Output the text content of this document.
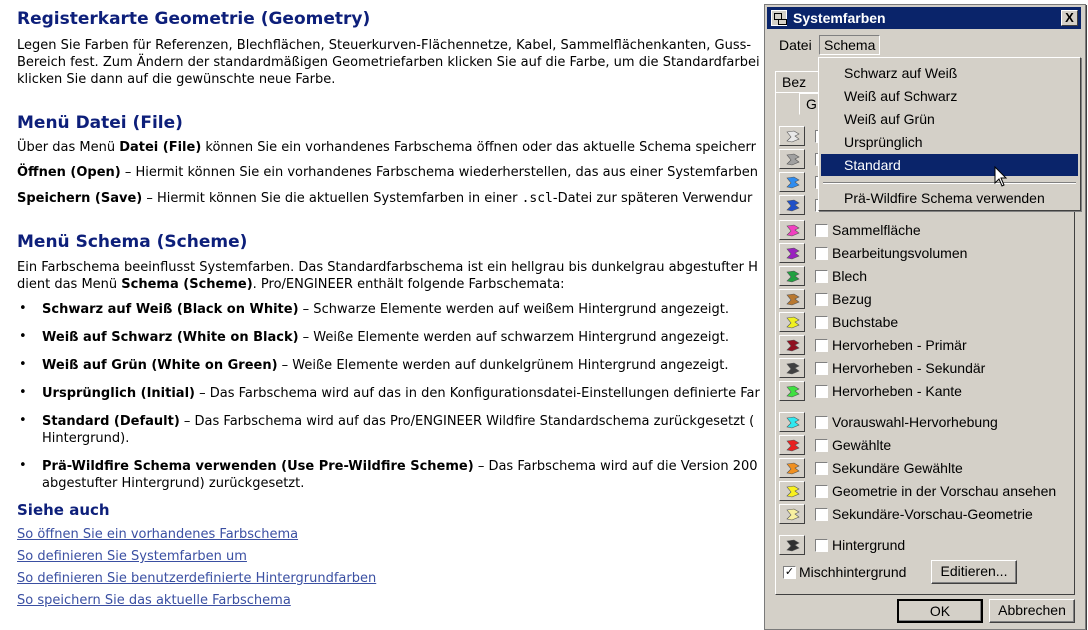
Registerkarte Geometrie (Geometry)
Legen Sie Farben für Referenzen, Blechflächen, Steuerkurven-Flächennetze, Kabel, Sammelflächenkanten, Guss-
Bereich fest. Zum Ändern der standardmäßigen Geometriefarben klicken Sie auf die Farbe, um die Standardfarbei
klicken Sie dann auf die gewünschte neue Farbe.
Menü Datei (File)
Über das Menü Datei (File) können Sie ein vorhandenes Farbschema öffnen oder das aktuelle Schema speicherr
Öffnen (Open) – Hiermit können Sie ein vorhandenes Farbschema wiederherstellen, das aus einer Systemfarben
Speichern (Save) – Hiermit können Sie die aktuellen Systemfarben in einer .scl-Datei zur späteren Verwendur
Menü Schema (Scheme)
Ein Farbschema beeinflusst Systemfarben. Das Standardfarbschema ist ein hellgrau bis dunkelgrau abgestufter H
dient das Menü Schema (Scheme). Pro/ENGINEER enthält folgende Farbschemata:
• Schwarz auf Weiß (Black on White) – Schwarze Elemente werden auf weißem Hintergrund angezeigt.
• Weiß auf Schwarz (White on Black) – Weiße Elemente werden auf schwarzem Hintergrund angezeigt.
• Weiß auf Grün (White on Green) – Weiße Elemente werden auf dunkelgrünem Hintergrund angezeigt.
• Ursprünglich (Initial) – Das Farbschema wird auf das in den Konfigurationsdatei-Einstellungen definierte Far
• Standard (Default) – Das Farbschema wird auf das Pro/ENGINEER Wildfire Standardschema zurückgesetzt (
Hintergrund).
• Prä-Wildfire Schema verwenden (Use Pre-Wildfire Scheme) – Das Farbschema wird auf die Version 200
abgestufter Hintergrund) zurückgesetzt.
Siehe auch
So öffnen Sie ein vorhandenes Farbschema
So definieren Sie Systemfarben um
So definieren Sie benutzerdefinierte Hintergrundfarben
So speichern Sie das aktuelle Farbschema
Systemfarben	X
Datei Schema
Bez
G
Sammelfläche
Bearbeitungsvolumen
Blech
Bezug
Buchstabe
Hervorheben - Primär
Hervorheben - Sekundär
Hervorheben - Kante
Vorauswahl-Hervorhebung
Gewählte
Sekundäre Gewählte
Geometrie in der Vorschau ansehen
Sekundäre-Vorschau-Geometrie
Hintergrund
✓ Mischhintergrund	Editieren...
OK	Abbrechen
Schwarz auf Weiß
Weiß auf Schwarz
Weiß auf Grün
Ursprünglich
Standard
Prä-Wildfire Schema verwenden
